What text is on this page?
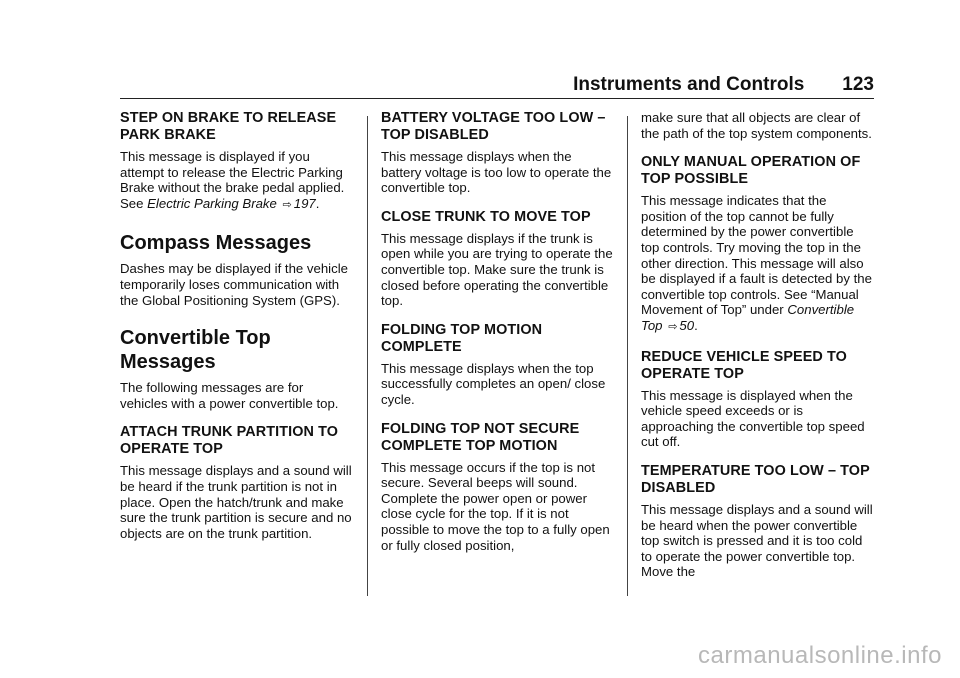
Instruments and Controls 123
STEP ON BRAKE TO RELEASE PARK BRAKE

This message is displayed if you attempt to release the Electric Parking Brake without the brake pedal applied. See Electric Parking Brake ⇨ 197.

Compass Messages

Dashes may be displayed if the vehicle temporarily loses communication with the Global Positioning System (GPS).

Convertible Top Messages

The following messages are for vehicles with a power convertible top.

ATTACH TRUNK PARTITION TO OPERATE TOP

This message displays and a sound will be heard if the trunk partition is not in place. Open the hatch/trunk and make sure the trunk partition is secure and no objects are on the trunk partition.

BATTERY VOLTAGE TOO LOW – TOP DISABLED

This message displays when the battery voltage is too low to operate the convertible top.

CLOSE TRUNK TO MOVE TOP

This message displays if the trunk is open while you are trying to operate the convertible top. Make sure the trunk is closed before operating the convertible top.

FOLDING TOP MOTION COMPLETE

This message displays when the top successfully completes an open/ close cycle.

FOLDING TOP NOT SECURE COMPLETE TOP MOTION

This message occurs if the top is not secure. Several beeps will sound. Complete the power open or power close cycle for the top. If it is not possible to move the top to a fully open or fully closed position,

make sure that all objects are clear of the path of the top system components.

ONLY MANUAL OPERATION OF TOP POSSIBLE

This message indicates that the position of the top cannot be fully determined by the power convertible top controls. Try moving the top in the other direction. This message will also be displayed if a fault is detected by the convertible top controls. See “Manual Movement of Top” under Convertible Top ⇨ 50.

REDUCE VEHICLE SPEED TO OPERATE TOP

This message is displayed when the vehicle speed exceeds or is approaching the convertible top speed cut off.

TEMPERATURE TOO LOW – TOP DISABLED

This message displays and a sound will be heard when the power convertible top switch is pressed and it is too cold to operate the power convertible top. Move the

carmanualsonline.info
